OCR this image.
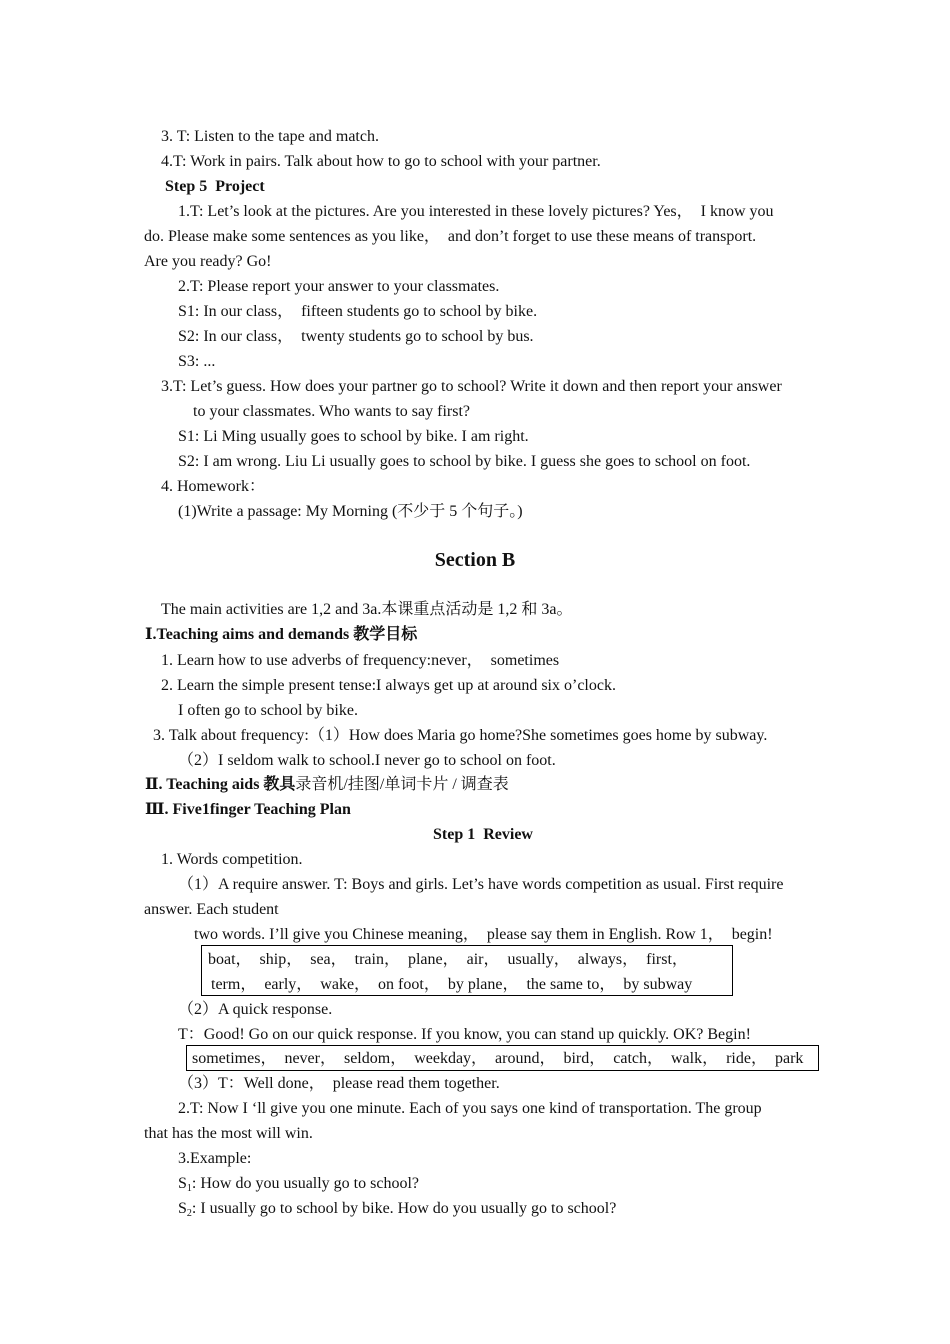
3. T: Listen to the tape and match.
4.T: Work in pairs. Talk about how to go to school with your partner.
Step 5  Project
1.T: Let’s look at the pictures. Are you interested in these lovely pictures? Yes，  I know you
do. Please make some sentences as you like，  and don’t forget to use these means of transport.
Are you ready? Go!
2.T: Please report your answer to your classmates.
S1: In our class，  fifteen students go to school by bike.
S2: In our class，  twenty students go to school by bus.
S3: ...
3.T: Let’s guess. How does your partner go to school? Write it down and then report your answer
to your classmates. Who wants to say first?
S1: Li Ming usually goes to school by bike. I am right.
S2: I am wrong. Liu Li usually goes to school by bike. I guess she goes to school on foot.
4. Homework：
(1)Write a passage: My Morning (不少于 5 个句子。)
Section B
The main activities are 1,2 and 3a.本课重点活动是 1,2 和 3a。
Ⅰ.Teaching aims and demands 教学目标
1. Learn how to use adverbs of frequency:never，  sometimes
2. Learn the simple present tense:I always get up at around six o’clock.
I often go to school by bike.
3. Talk about frequency:（1）How does Maria go home?She sometimes goes home by subway.
（2）I seldom walk to school.I never go to school on foot.
Ⅱ. Teaching aids 教具录音机/挂图/单词卡片 / 调查表
Ⅲ. Five1finger Teaching Plan
Step 1  Review
1. Words competition.
（1）A require answer. T: Boys and girls. Let’s have words competition as usual. First require
answer. Each student
two words. I’ll give you Chinese meaning，  please say them in English. Row 1，  begin!
boat，  ship，  sea，  train，  plane，  air，  usually，  always，  first，
term，  early，  wake，  on foot，  by plane，  the same to，  by subway
（2）A quick response.
T：Good! Go on our quick response. If you know, you can stand up quickly. OK? Begin!
sometimes，  never，  seldom，  weekday，  around，  bird，  catch，  walk，  ride，  park
（3）T：Well done，  please read them together.
2.T: Now I ‘ll give you one minute. Each of you says one kind of transportation. The group
that has the most will win.
3.Example:
$S_1$: How do you usually go to school?
$S_2$: I usually go to school by bike. How do you usually go to school?
